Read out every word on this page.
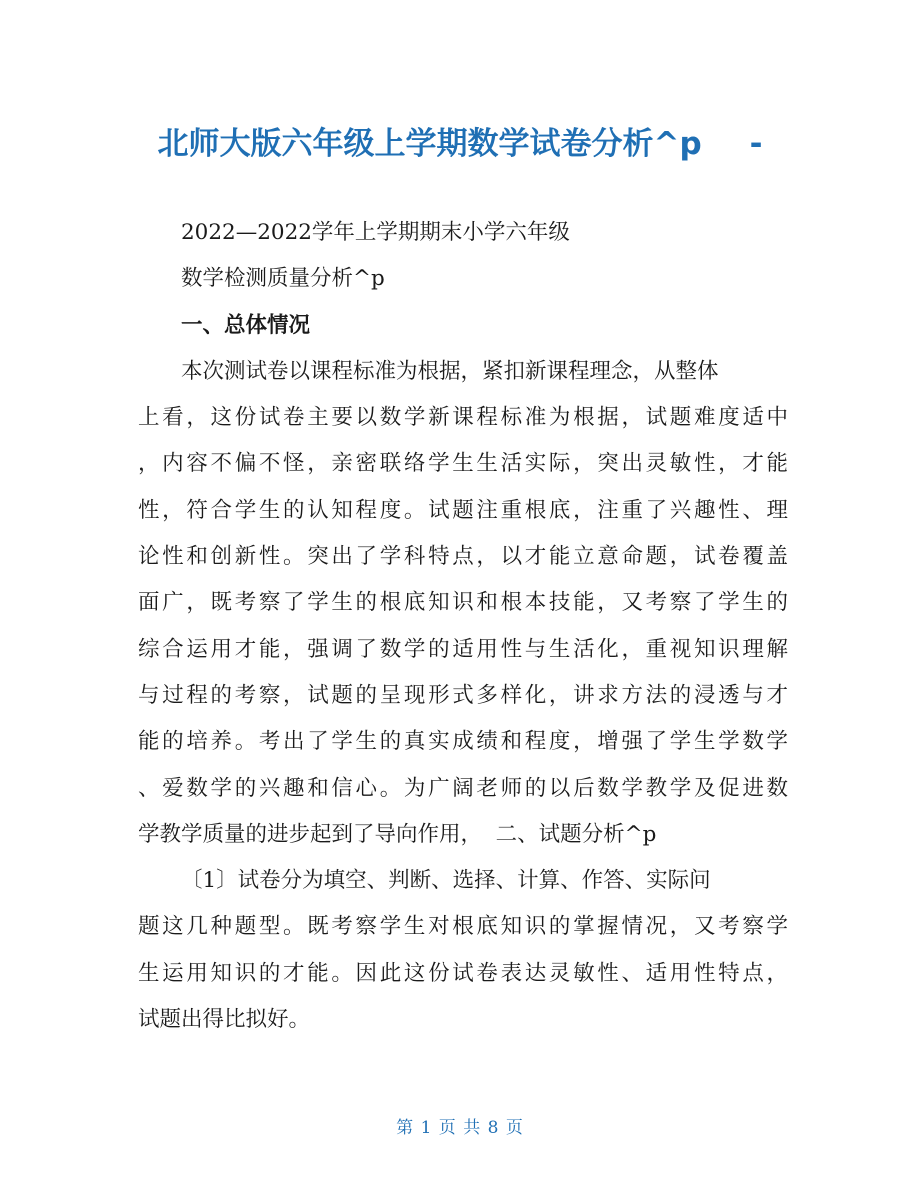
北师大版六年级上学期数学试卷分析^p -
2022—2022学年上学期期末小学六年级
数学检测质量分析^p
一、总体情况
本次测试卷以课程标准为根据，紧扣新课程理念，从整体
上看，这份试卷主要以数学新课程标准为根据，试题难度适中
，内容不偏不怪，亲密联络学生生活实际，突出灵敏性，才能
性，符合学生的认知程度。试题注重根底，注重了兴趣性、理
论性和创新性。突出了学科特点，以才能立意命题，试卷覆盖
面广，既考察了学生的根底知识和根本技能，又考察了学生的
综合运用才能，强调了数学的适用性与生活化，重视知识理解
与过程的考察，试题的呈现形式多样化，讲求方法的浸透与才
能的培养。考出了学生的真实成绩和程度，增强了学生学数学
、爱数学的兴趣和信心。为广阔老师的以后数学教学及促进数
学教学质量的进步起到了导向作用，  二、试题分析^p
〔1〕试卷分为填空、判断、选择、计算、作答、实际问
题这几种题型。既考察学生对根底知识的掌握情况，又考察学
生运用知识的才能。因此这份试卷表达灵敏性、适用性特点，
试题出得比拟好。
第 1 页 共 8 页
